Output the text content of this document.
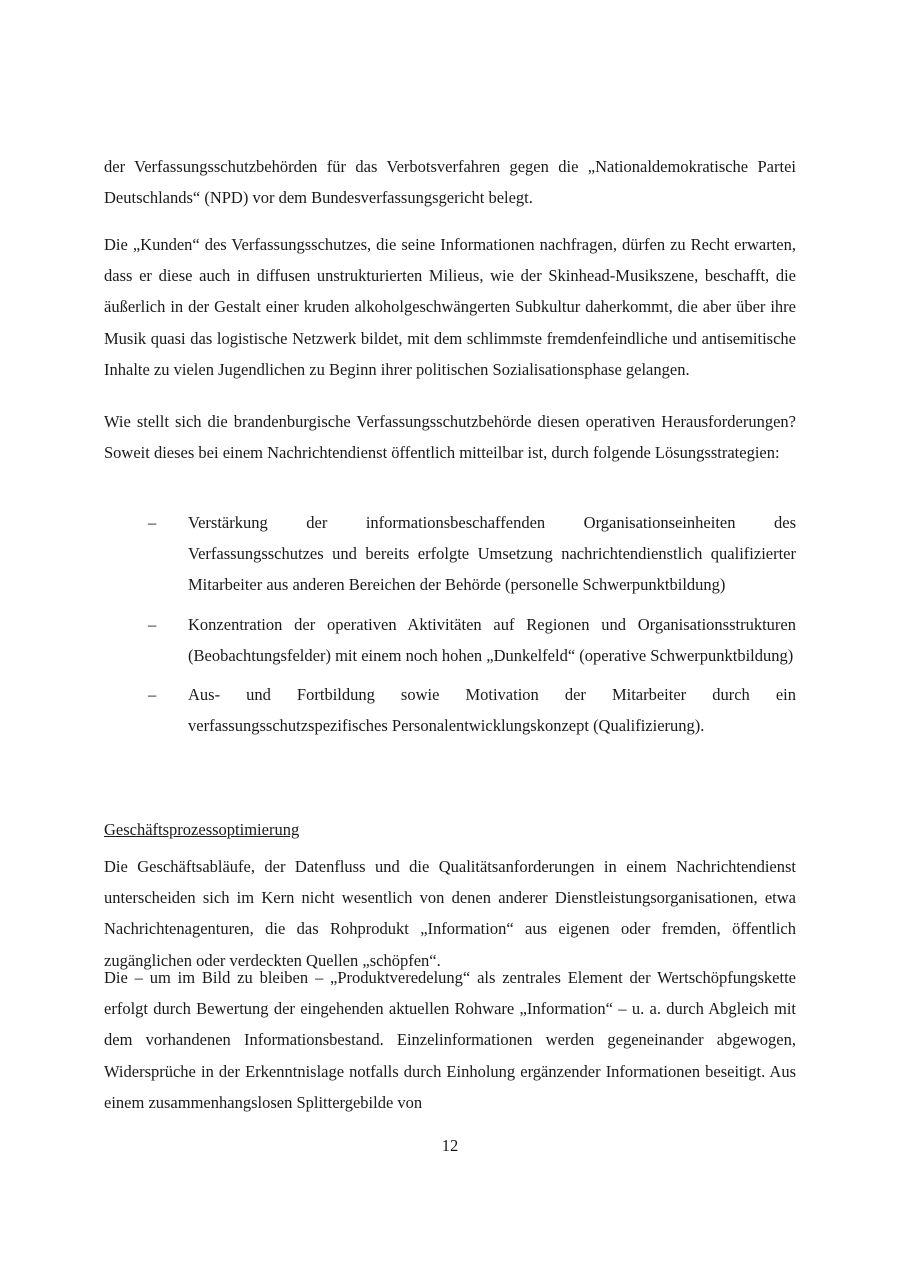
der Verfassungsschutzbehörden für das Verbotsverfahren gegen die „Nationaldemokratische Partei Deutschlands“ (NPD) vor dem Bundesverfassungsgericht belegt.

Die „Kunden“ des Verfassungsschutzes, die seine Informationen nachfragen, dürfen zu Recht erwarten, dass er diese auch in diffusen unstrukturierten Milieus, wie der Skinhead-Musikszene, beschafft, die äußerlich in der Gestalt einer kruden alkoholgeschwängerten Subkultur daherkommt, die aber über ihre Musik quasi das logistische Netzwerk bildet, mit dem schlimmste fremdenfeindliche und antisemitische Inhalte zu vielen Jugendlichen zu Beginn ihrer politischen Sozialisationsphase gelangen.

Wie stellt sich die brandenburgische Verfassungsschutzbehörde diesen operativen Herausforderungen? Soweit dieses bei einem Nachrichtendienst öffentlich mitteilbar ist, durch folgende Lösungsstrategien:

– Verstärkung der informationsbeschaffenden Organisationseinheiten des Verfassungsschutzes und bereits erfolgte Umsetzung nachrichtendienstlich qualifizierter Mitarbeiter aus anderen Bereichen der Behörde (personelle Schwerpunktbildung)
– Konzentration der operativen Aktivitäten auf Regionen und Organisationsstrukturen (Beobachtungsfelder) mit einem noch hohen „Dunkelfeld“ (operative Schwerpunktbildung)
– Aus- und Fortbildung sowie Motivation der Mitarbeiter durch ein verfassungsschutzspezifisches Personalentwicklungskonzept (Qualifizierung).
Geschäftsprozessoptimierung

Die Geschäftsabläufe, der Datenfluss und die Qualitätsanforderungen in einem Nachrichtendienst unterscheiden sich im Kern nicht wesentlich von denen anderer Dienstleistungsorganisationen, etwa Nachrichtenagenturen, die das Rohprodukt „Information“ aus eigenen oder fremden, öffentlich zugänglichen oder verdeckten Quellen „schöpfen“.

Die – um im Bild zu bleiben – „Produktveredelung“ als zentrales Element der Wertschöpfungskette erfolgt durch Bewertung der eingehenden aktuellen Rohware „Information“ – u. a. durch Abgleich mit dem vorhandenen Informationsbestand. Einzelinformationen werden gegeneinander abgewogen, Widersprüche in der Erkenntnislage notfalls durch Einholung ergänzender Informationen beseitigt. Aus einem zusammenhangslosen Splittergebilde von

12
